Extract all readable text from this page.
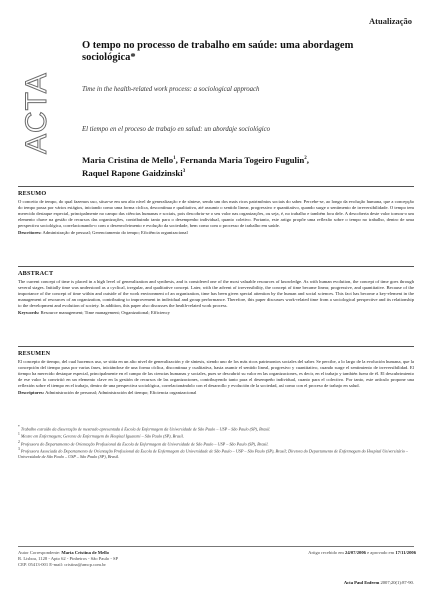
Atualização
ACTA
O tempo no processo de trabalho em saúde: uma abordagem sociológica*
Time in the health-related work process: a sociological approach
El tiempo en el proceso de trabajo en salud: un abordaje sociológico
Maria Cristina de Mello$^1$, Fernanda Maria Togeiro Fugulin$^2$,
Raquel Rapone Gaidzinski$^3$
RESUMO

O conceito de tempo, do qual fazemos uso, situa-se em um alto nível de generalização e de síntese, sendo um dos mais ricos patrimônios sociais do saber. Percebe-se, ao longo da evolução humana, que a concepção do tempo passa por vários estágios, iniciando como uma forma cíclica, descontínua e qualitativa, até assumir o sentido linear, progressivo e quantitativo, quando surge o sentimento de irreversibilidade. O tempo tem merecido destaque especial, principalmente no campo das ciências humanas e sociais, pois descobriu-se o seu valor nas organizações, ou seja, é, no trabalho e também fora dele. A descoberta deste valor tornou-o um elemento chave na gestão de recursos das organizações, contribuindo tanto para o desempenho individual, quanto coletivo. Portanto, este artigo propõe uma reflexão sobre o tempo no trabalho, dentro de uma perspectiva sociológica, correlacionando-o com o desenvolvimento e evolução da sociedade, bem como com o processo de trabalho em saúde.

Descritores: Administração de pessoal; Gerenciamento do tempo; Eficiência organizacional
ABSTRACT

The current concept of time is placed in a high level of generalization and synthesis, and is considered one of the most valuable resources of knowledge. As with human evolution, the concept of time goes through several stages. Initially time was understood as a cyclical, irregular, and qualitative concept. Later, with the advent of irreversibility, the concept of time became linear, progressive, and quantitative. Because of the importance of the concept of time within and outside of the work environment of an organization, time has been given special attention by the human and social sciences. This fact has become a key-element in the management of resources of an organization, contributing to improvement in individual and group performance. Therefore, this paper discusses work-related time from a sociological perspective and its relationship to the development and evolution of society. In addition, this paper also discusses the health-related work process.

Keywords: Resource management; Time management; Organizational; Efficiency
RESUMEN

El concepto de tiempo, del cual hacemos uso, se sitúa en un alto nivel de generalización y de síntesis, siendo uno de los más ricos patrimonios sociales del saber. Se percibe, a lo largo de la evolución humana, que la concepción del tiempo pasa por varias fases, iniciándose de una forma cíclica, discontinua y cualitativa, hasta asumir el sentido lineal, progresivo y cuantitativo, cuando surge el sentimiento de irreversibilidad. El tiempo ha merecido destaque especial, principalmente en el campo de las ciencias humanas y sociales, pues se descubrió su valor en las organizaciones, es decir, en el trabajo y también fuera de él. El descubrimiento de ese valor lo convirtió en un elemento clave en la gestión de recursos de las organizaciones, contribuyendo tanto para el desempeño individual, cuanto para el colectivo. Por tanto, este artículo propone una reflexión sobre el tiempo en el trabajo, dentro de una perspectiva sociológica, correlacionándolo con el desarrollo y evolución de la sociedad, así como con el proceso de trabajo en salud.

Descriptores: Administración de personal; Administración del tiempo; Eficiencia organizacional

* Trabalho extraído da dissertação de mestrado apresentada à Escola de Enfermagem da Universidade de São Paulo – USP – São Paulo (SP), Brasil.

$^1$ Mestre em Enfermagem; Gerente de Enfermagem do Hospital Iguatemi – São Paulo (SP), Brasil.

$^2$ Professora do Departamento de Orientação Profissional da Escola de Enfermagem da Universidade de São Paulo – USP – São Paulo (SP), Brasil.

$^3$ Professora Associada do Departamento de Orientação Profissional da Escola de Enfermagem da Universidade de São Paulo – USP – São Paulo (SP), Brasil; Diretora do Departamento de Enfermagem do Hospital Universitário – Universidade de São Paulo – USP – São Paulo (SP), Brasil.

Autor Correspondente: Maria Cristina de Mello
R. Lisboa, 1128 - Apto 62 - Pinheiros - São Paulo - SP
CEP. 05413-001 E-mail: cristina@amcp.com.br
Artigo recebido em 24/07/2006 e aprovado em 17/11/2006
Acta Paul Enferm 2007;20(1):87-90.
